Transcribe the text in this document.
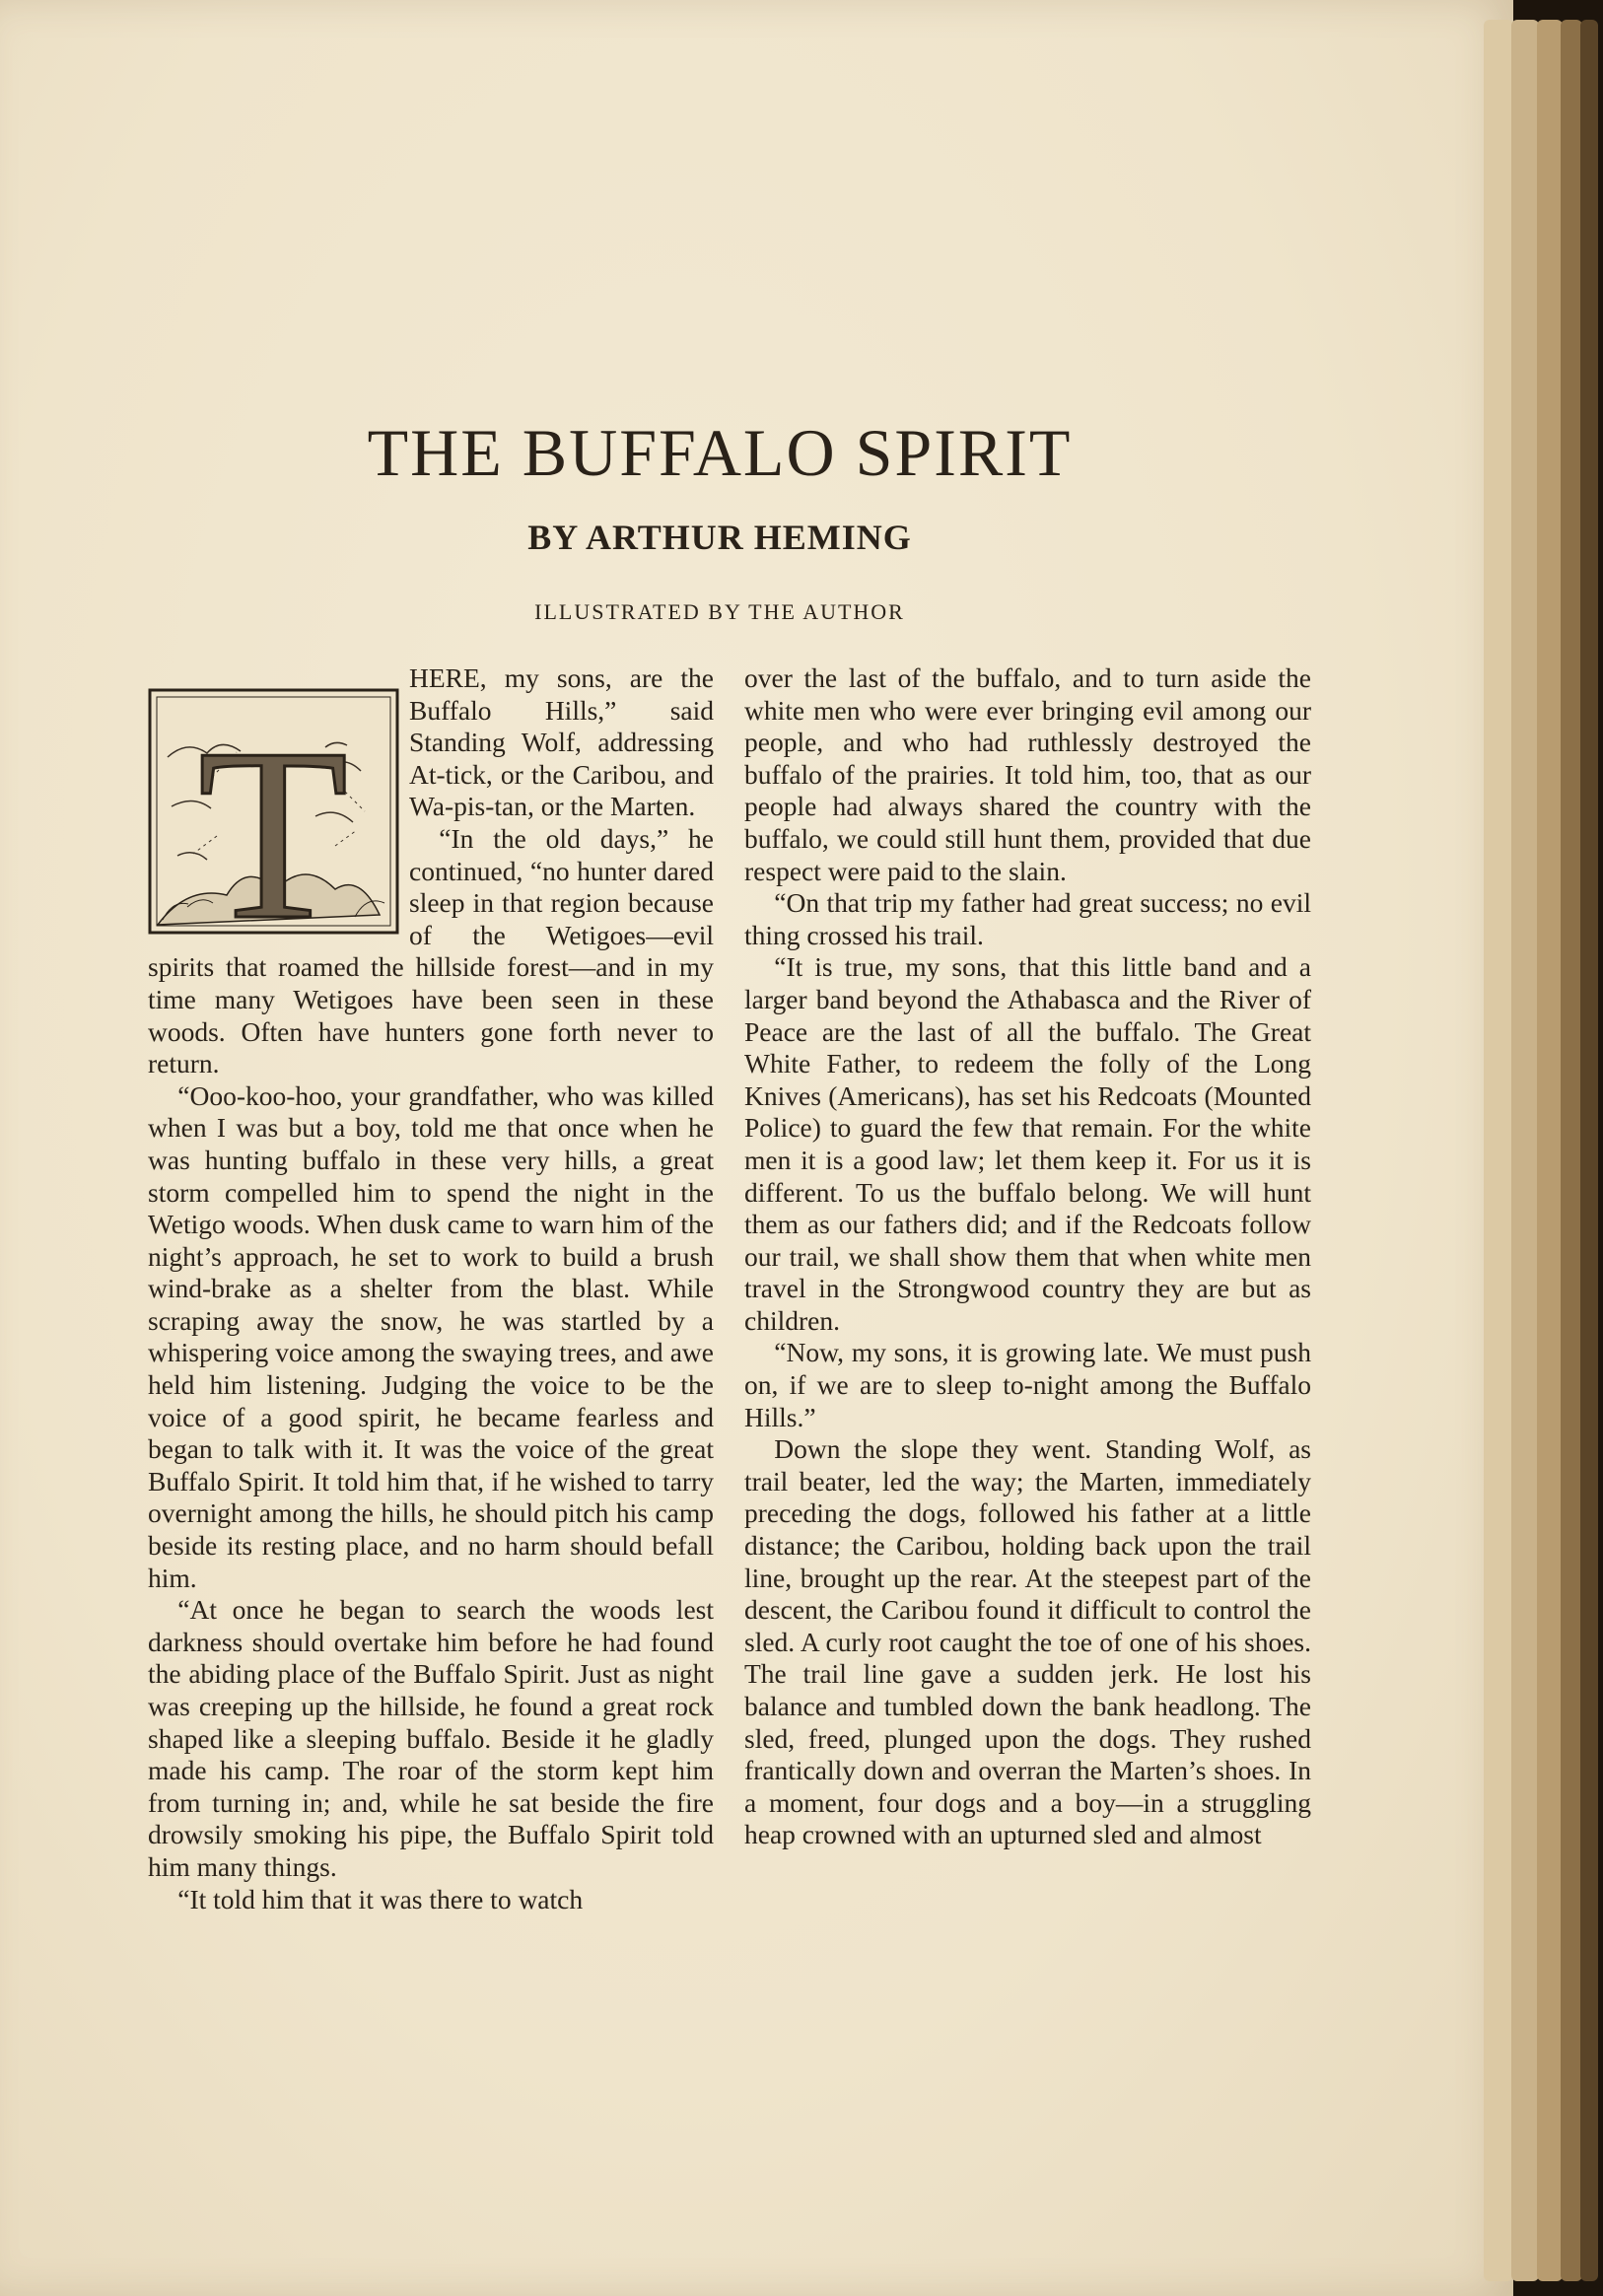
THE BUFFALO SPIRIT
BY ARTHUR HEMING
ILLUSTRATED BY THE AUTHOR
T

HERE, my sons, are the Buffalo Hills,” said Standing Wolf, addressing At-tick, or the Caribou, and Wa-pis-tan, or the Marten.

“In the old days,” he continued, “no hunter dared sleep in that region because of the Wetigoes—evil spirits that roamed the hillside forest—and in my time many Wetigoes have been seen in these woods. Often have hunters gone forth never to return.

“Ooo-koo-hoo, your grandfather, who was killed when I was but a boy, told me that once when he was hunting buffalo in these very hills, a great storm compelled him to spend the night in the Wetigo woods. When dusk came to warn him of the night’s approach, he set to work to build a brush wind-brake as a shelter from the blast. While scraping away the snow, he was startled by a whispering voice among the swaying trees, and awe held him listening. Judging the voice to be the voice of a good spirit, he became fearless and began to talk with it. It was the voice of the great Buffalo Spirit. It told him that, if he wished to tarry overnight among the hills, he should pitch his camp beside its resting place, and no harm should befall him.

“At once he began to search the woods lest darkness should overtake him before he had found the abiding place of the Buffalo Spirit. Just as night was creeping up the hillside, he found a great rock shaped like a sleeping buffalo. Beside it he gladly made his camp. The roar of the storm kept him from turning in; and, while he sat beside the fire drowsily smoking his pipe, the Buffalo Spirit told him many things.

“It told him that it was there to watch

over the last of the buffalo, and to turn aside the white men who were ever bringing evil among our people, and who had ruthlessly destroyed the buffalo of the prairies. It told him, too, that as our people had always shared the country with the buffalo, we could still hunt them, provided that due respect were paid to the slain.

“On that trip my father had great success; no evil thing crossed his trail.

“It is true, my sons, that this little band and a larger band beyond the Athabasca and the River of Peace are the last of all the buffalo. The Great White Father, to redeem the folly of the Long Knives (Americans), has set his Redcoats (Mounted Police) to guard the few that remain. For the white men it is a good law; let them keep it. For us it is different. To us the buffalo belong. We will hunt them as our fathers did; and if the Redcoats follow our trail, we shall show them that when white men travel in the Strongwood country they are but as children.

“Now, my sons, it is growing late. We must push on, if we are to sleep to-night among the Buffalo Hills.”

Down the slope they went. Standing Wolf, as trail beater, led the way; the Marten, immediately preceding the dogs, followed his father at a little distance; the Caribou, holding back upon the trail line, brought up the rear. At the steepest part of the descent, the Caribou found it difficult to control the sled. A curly root caught the toe of one of his shoes. The trail line gave a sudden jerk. He lost his balance and tumbled down the bank headlong. The sled, freed, plunged upon the dogs. They rushed frantically down and overran the Marten’s shoes. In a moment, four dogs and a boy—in a struggling heap crowned with an upturned sled and almost
